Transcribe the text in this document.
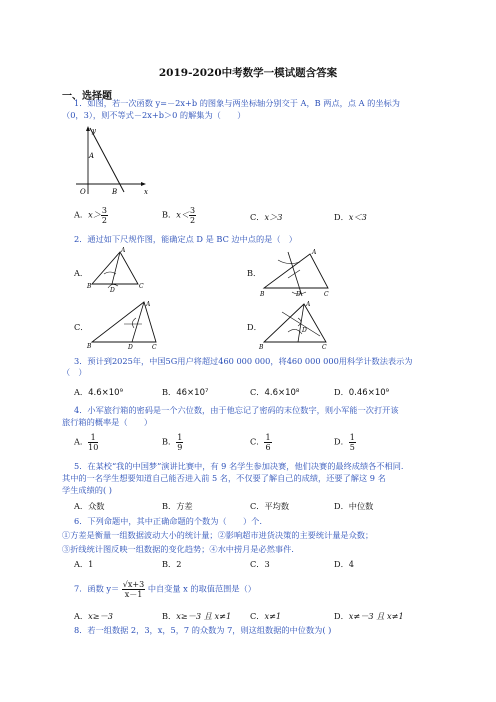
2019-2020中考数学一模试题含答案
一、选择题
1．如图，若一次函数 y=－2x+b 的图象与两坐标轴分别交于 A，B 两点，点 A 的坐标为
（0，3），则不等式－2x+b＞0 的解集为（　　）
y
x
A
O	B
A．$x> \frac{3}{2}$	B．$x< \frac{3}{2}$	C．x＞3	D．x＜3
2．通过如下尺规作图，能确定点 D 是 BC 边中点的是（　）
A．
A
B	C
D
B．
A
B	C
D
C．
A
B	C
D
D．
A
B	C
D
3．预计到2025年，中国5G用户将超过460 000 000，将460 000 000用科学计数法表示为
（　）
A．4.6×10⁹	B．46×10⁷	C．4.6×10⁸	D．0.46×10⁹
4．小军旅行箱的密码是一个六位数，由于他忘记了密码的末位数字，则小军能一次打开该
旅行箱的概率是（　　）
A． $\frac{1}{10}$	B． $\frac{1}{9}$	C． $\frac{1}{6}$	D． $\frac{1}{5}$
5．在某校“我的中国梦”演讲比赛中，有 9 名学生参加决赛，他们决赛的最终成绩各不相同.
其中的一名学生想要知道自己能否进入前 5 名，不仅要了解自己的成绩，还要了解这 9 名
学生成绩的( )
A．众数	B．方差	C．平均数	D．中位数
6．下列命题中，其中正确命题的个数为（　　）个.
①方差是衡量一组数据波动大小的统计量；②影响超市进货决策的主要统计量是众数；
③折线统计图反映一组数据的变化趋势；④水中捞月是必然事件.
A．1	B．2	C．3	D．4
7．函数 $y= \frac{√x+3}{x-1}$ 中自变量 x 的取值范围是（）
A．x≥－3	B．x≥－3 且 x≠1 C．x≠1	D．x≠－3 且 x≠1
8．若一组数据 2，3，x，5，7 的众数为 7，则这组数据的中位数为( )
